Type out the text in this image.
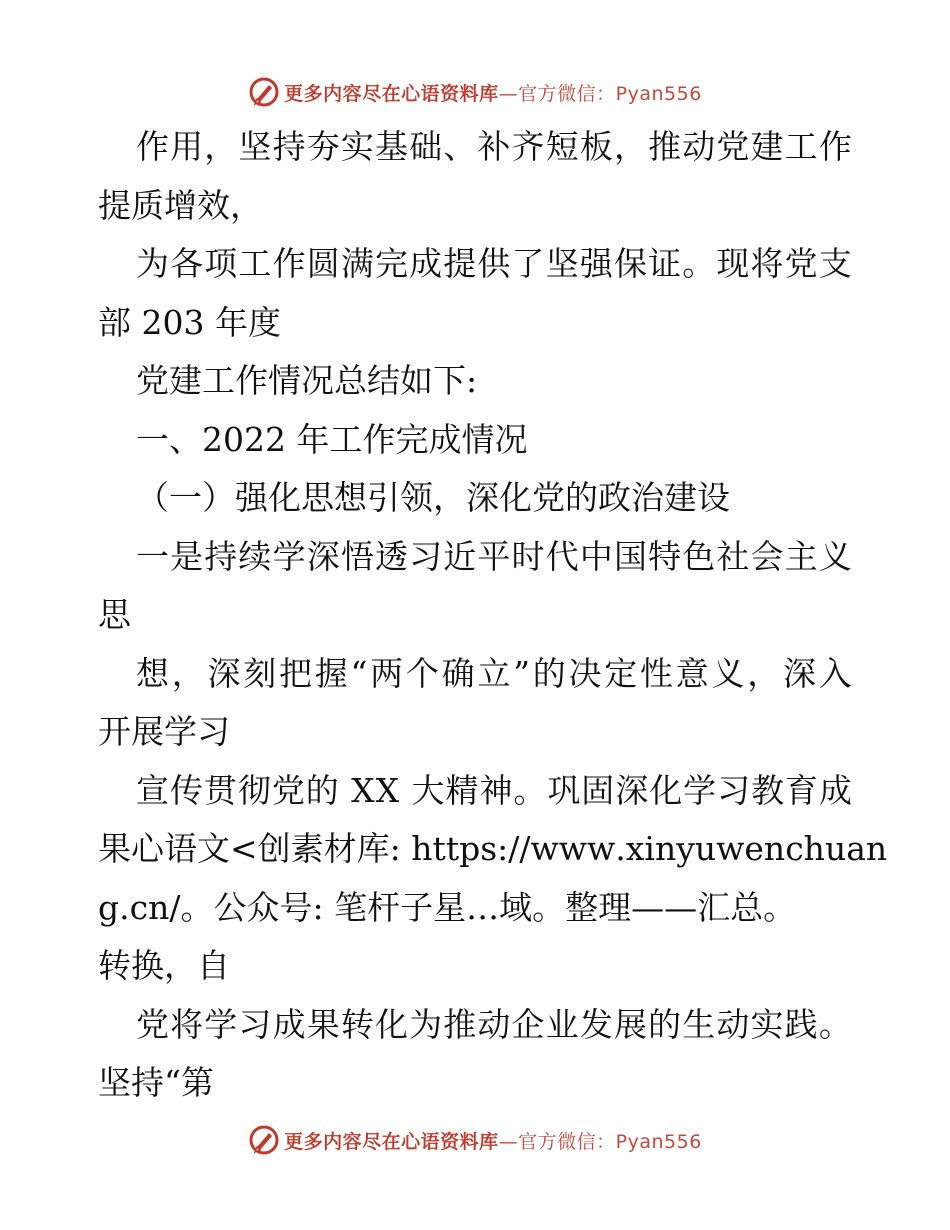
更多内容尽在心语资料库—官方微信：Pyan556
作 用 ， 坚 持 夯 实 基 础 、 补 齐 短 板 ， 推 动 党 建 工 作
提质增效，
为 各 项 工 作 圆 满 完 成 提 供 了 坚 强 保 证 。 现 将 党 支
部 203 年度
党建工作情况总结如下:
一、2022 年工作完成情况
（一）强化思想引领，深化党的政治建设
一 是 持 续 学 深 悟 透 习 近 平 时 代 中 国 特 色 社 会 主 义
思
想 ， 深 刻 把 握 “ 两 个 确 立 ” 的 决 定 性 意 义 ， 深 入
开展学习
宣 传 贯 彻 党 的
X X
大 精 神 。 巩 固 深 化 学 习 教 育 成
果 心 语 文 < 创 素 材 库 :
h t t p s : / / w w w . x i n y u w e n c h u a n
g.cn/。公众号: 笔杆子星…域。整理——汇总。
转换，自
党 将 学 习 成 果 转 化 为 推 动 企 业 发 展 的 生 动 实 践 。
坚持“第
更多内容尽在心语资料库—官方微信：Pyan556
